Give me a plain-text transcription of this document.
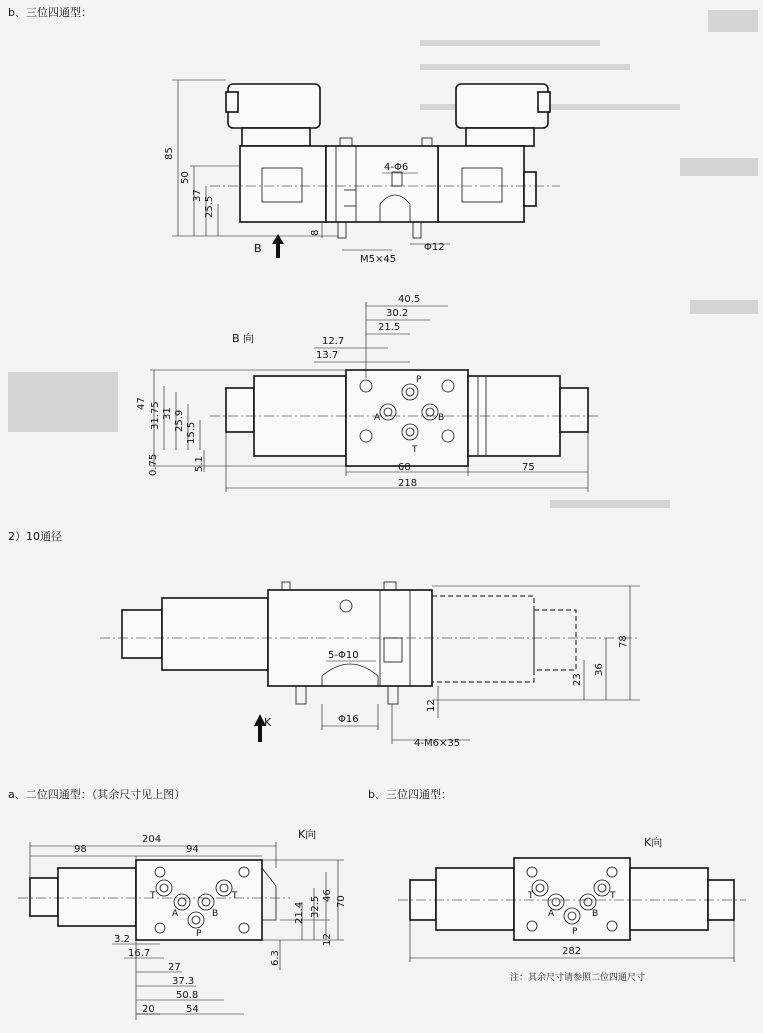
b、三位四通型：
2）10通径
a、二位四通型：（其余尺寸见上图）	b、三位四通型：
85
50
37
25.5
8
4-Φ6
M5×45
Φ12
B
B 向
P
A	B
T
40.5
30.2
21.5
12.7
13.7
47 31.75 31 25.9
15.5
0.75	5.1	68	75
218
78
36
23
12
5-Φ10
Φ16
4-M6×35
K
K向
T	T
A	B
P
204
98	94
70
46
32.5
21.4
12
6.3
3.2
16.7
27
37.3
50.8
54
20
K向
T	T
A	B
P
282
注：其余尺寸请参照二位四通尺寸
